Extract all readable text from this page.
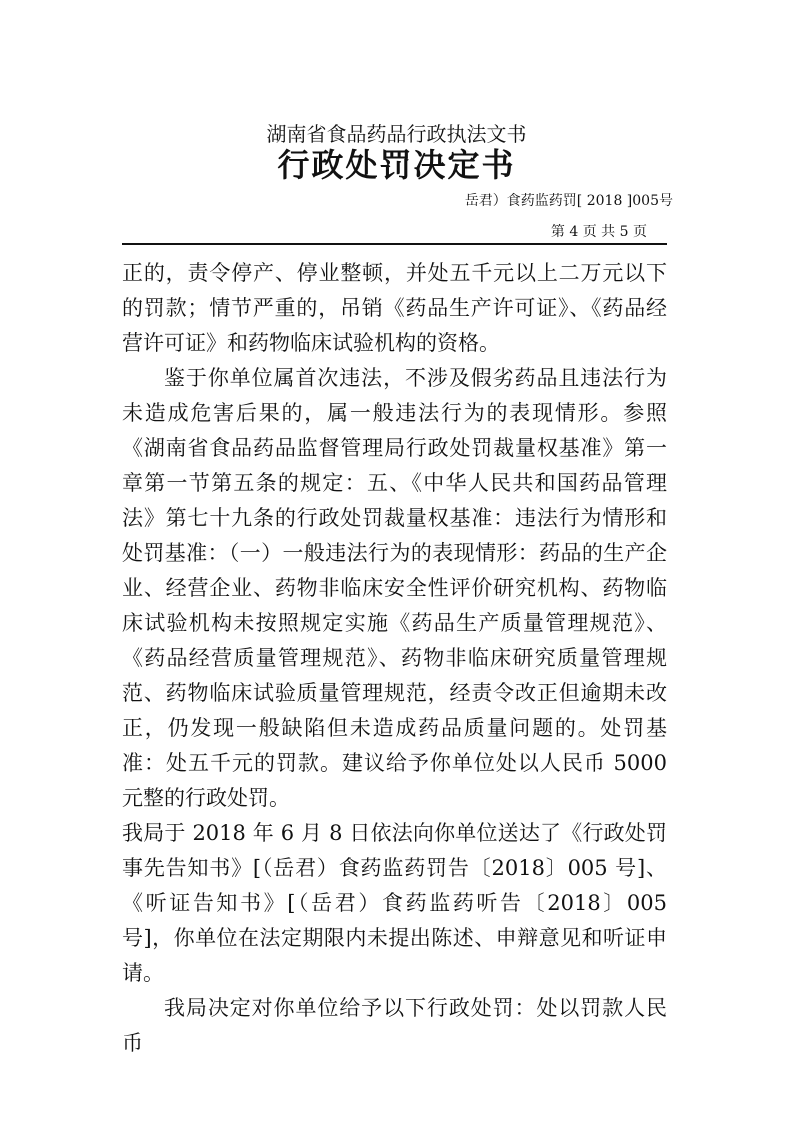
湖南省食品药品行政执法文书
行政处罚决定书
岳君）食药监药罚[ 2018 ]005号
第 4 页 共 5 页

正的，责令停产、停业整顿，并处五千元以上二万元以下的罚款；情节严重的，吊销《药品生产许可证》、《药品经营许可证》和药物临床试验机构的资格。

鉴于你单位属首次违法，不涉及假劣药品且违法行为未造成危害后果的，属一般违法行为的表现情形。参照《湖南省食品药品监督管理局行政处罚裁量权基准》第一章第一节第五条的规定：五、《中华人民共和国药品管理法》第七十九条的行政处罚裁量权基准：违法行为情形和处罚基准：（一）一般违法行为的表现情形：药品的生产企业、经营企业、药物非临床安全性评价研究机构、药物临床试验机构未按照规定实施《药品生产质量管理规范》、《药品经营质量管理规范》、药物非临床研究质量管理规范、药物临床试验质量管理规范，经责令改正但逾期未改正，仍发现一般缺陷但未造成药品质量问题的。处罚基准：处五千元的罚款。建议给予你单位处以人民币 5000 元整的行政处罚。

我局于 2018 年 6 月 8 日依法向你单位送达了《行政处罚事先告知书》[（岳君）食药监药罚告〔2018〕005 号]、《听证告知书》[（岳君）食药监药听告〔2018〕005 号]，你单位在法定期限内未提出陈述、申辩意见和听证申请。

我局决定对你单位给予以下行政处罚：处以罚款人民币
